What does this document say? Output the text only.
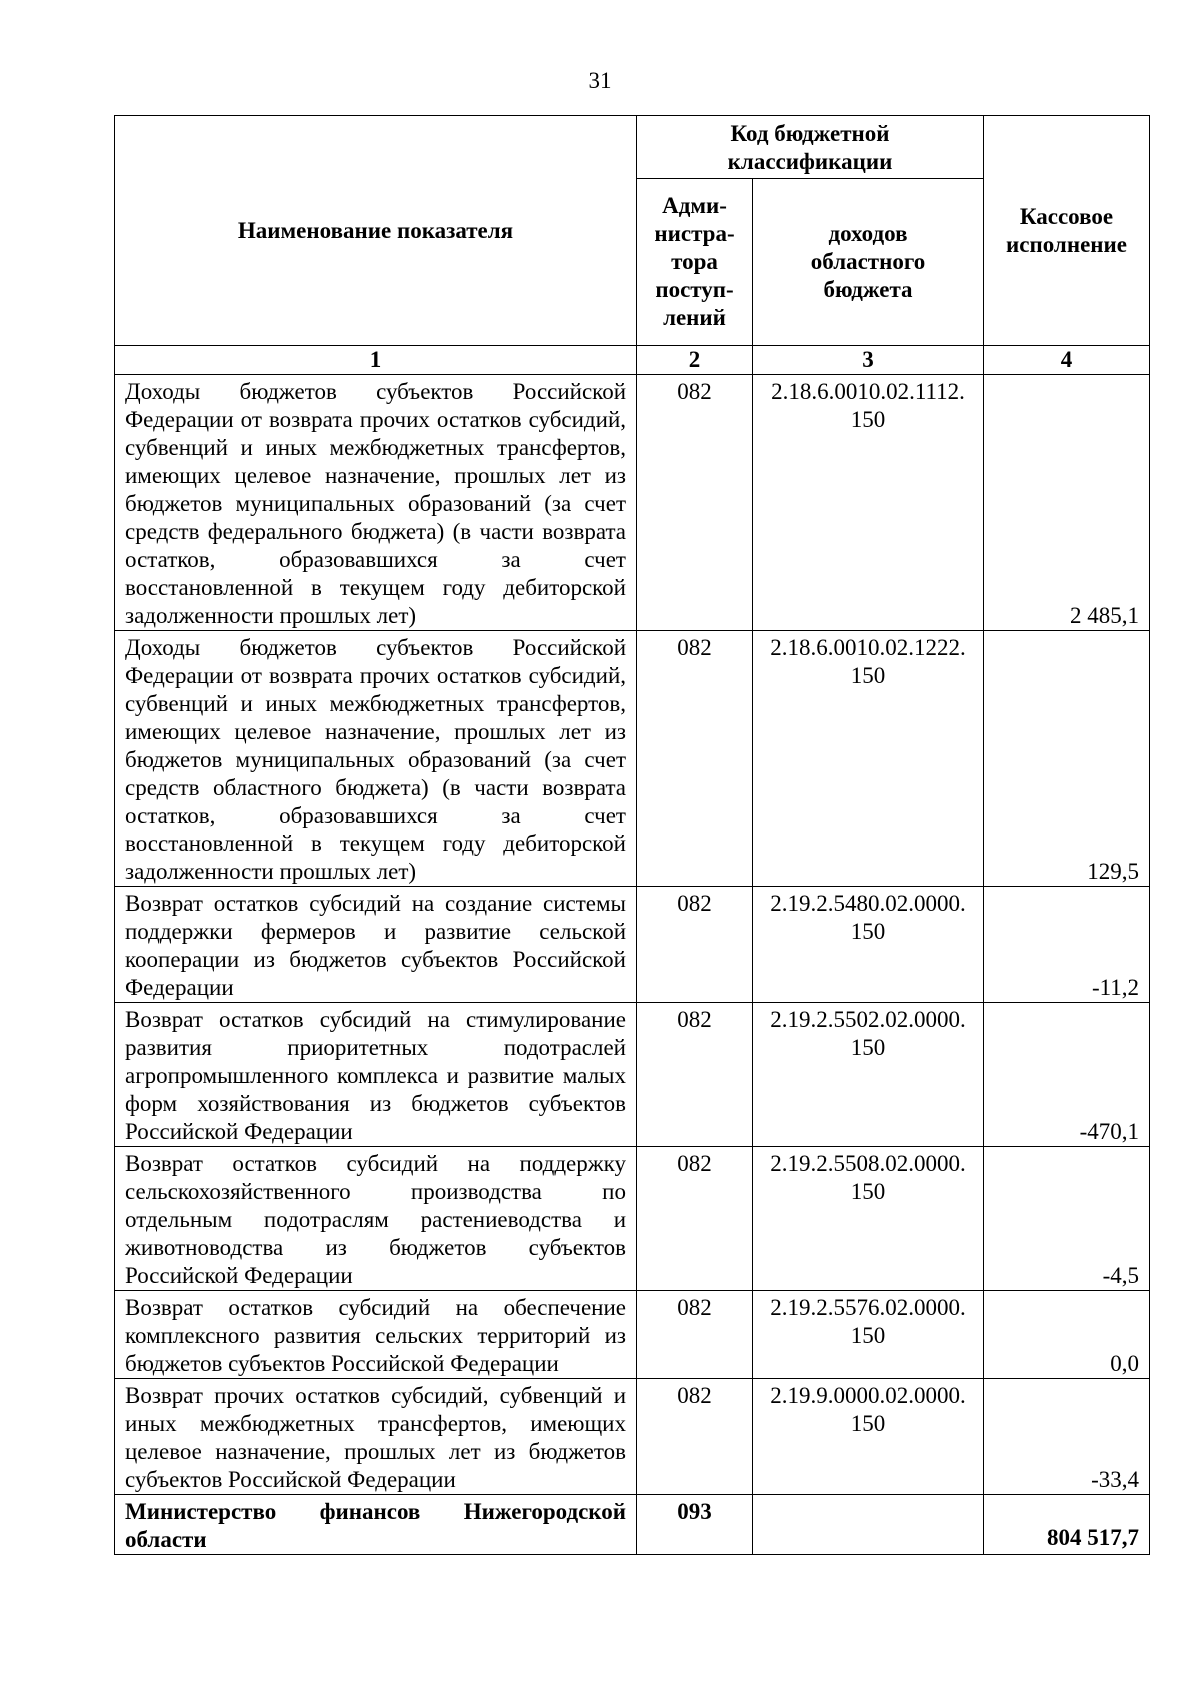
31
Наименование показателя	Код бюджетной классификации		Кассовое
исполнение
	Адми-
нистра-
тора
поступ-
лений	доходов
областного
бюджета	
1	2	3	4
Доходы бюджетов субъектов Российской Федерации от возврата прочих остатков субсидий, субвенций и иных межбюджетных трансфертов, имеющих целевое назначение, прошлых лет из бюджетов муниципальных образований (за счет средств федерального бюджета) (в части возврата остатков, образовавшихся за счет восстановленной в текущем году дебиторской задолженности прошлых лет)	082	2.18.6.0010.02.1112.
150	2 485,1
Доходы бюджетов субъектов Российской Федерации от возврата прочих остатков субсидий, субвенций и иных межбюджетных трансфертов, имеющих целевое назначение, прошлых лет из бюджетов муниципальных образований (за счет средств областного бюджета) (в части возврата остатков, образовавшихся за счет восстановленной в текущем году дебиторской задолженности прошлых лет)	082	2.18.6.0010.02.1222.
150	129,5
Возврат остатков субсидий на создание системы поддержки фермеров и развитие сельской кооперации из бюджетов субъектов Российской Федерации	082	2.19.2.5480.02.0000.
150	-11,2
Возврат остатков субсидий на стимулирование развития приоритетных подотраслей агропромышленного комплекса и развитие малых форм хозяйствования из бюджетов субъектов Российской Федерации	082	2.19.2.5502.02.0000.
150	-470,1
Возврат остатков субсидий на поддержку сельскохозяйственного производства по отдельным подотраслям растениеводства и животноводства из бюджетов субъектов Российской Федерации	082	2.19.2.5508.02.0000.
150	-4,5
Возврат остатков субсидий на обеспечение комплексного развития сельских территорий из бюджетов субъектов Российской Федерации	082	2.19.2.5576.02.0000.
150	0,0
Возврат прочих остатков субсидий, субвенций и иных межбюджетных трансфертов, имеющих целевое назначение, прошлых лет из бюджетов субъектов Российской Федерации	082	2.19.9.0000.02.0000.
150	-33,4
Министерство финансов Нижегородской области	093		804 517,7
